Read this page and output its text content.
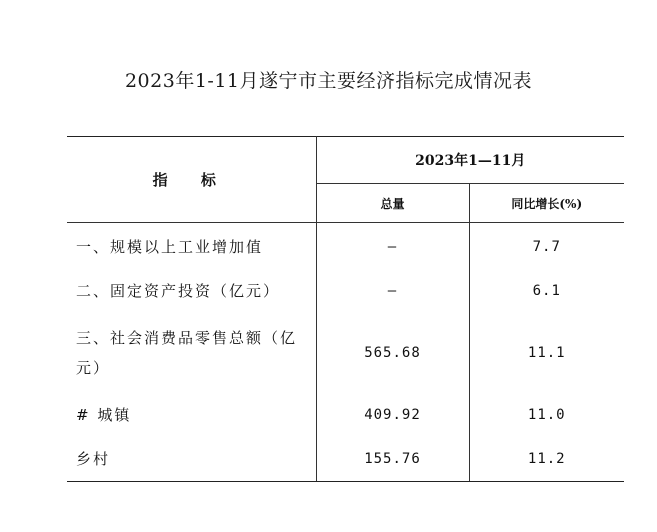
2023年1-11月遂宁市主要经济指标完成情况表
指 标	2023年1—11月	
	总量	同比增长(%)
一、规模以上工业增加值	—	7.7
二、固定资产投资（亿元）	—	6.1
三、社会消费品零售总额（亿元）	565.68	11.1
# 城镇	409.92	11.0
乡村	155.76	11.2
